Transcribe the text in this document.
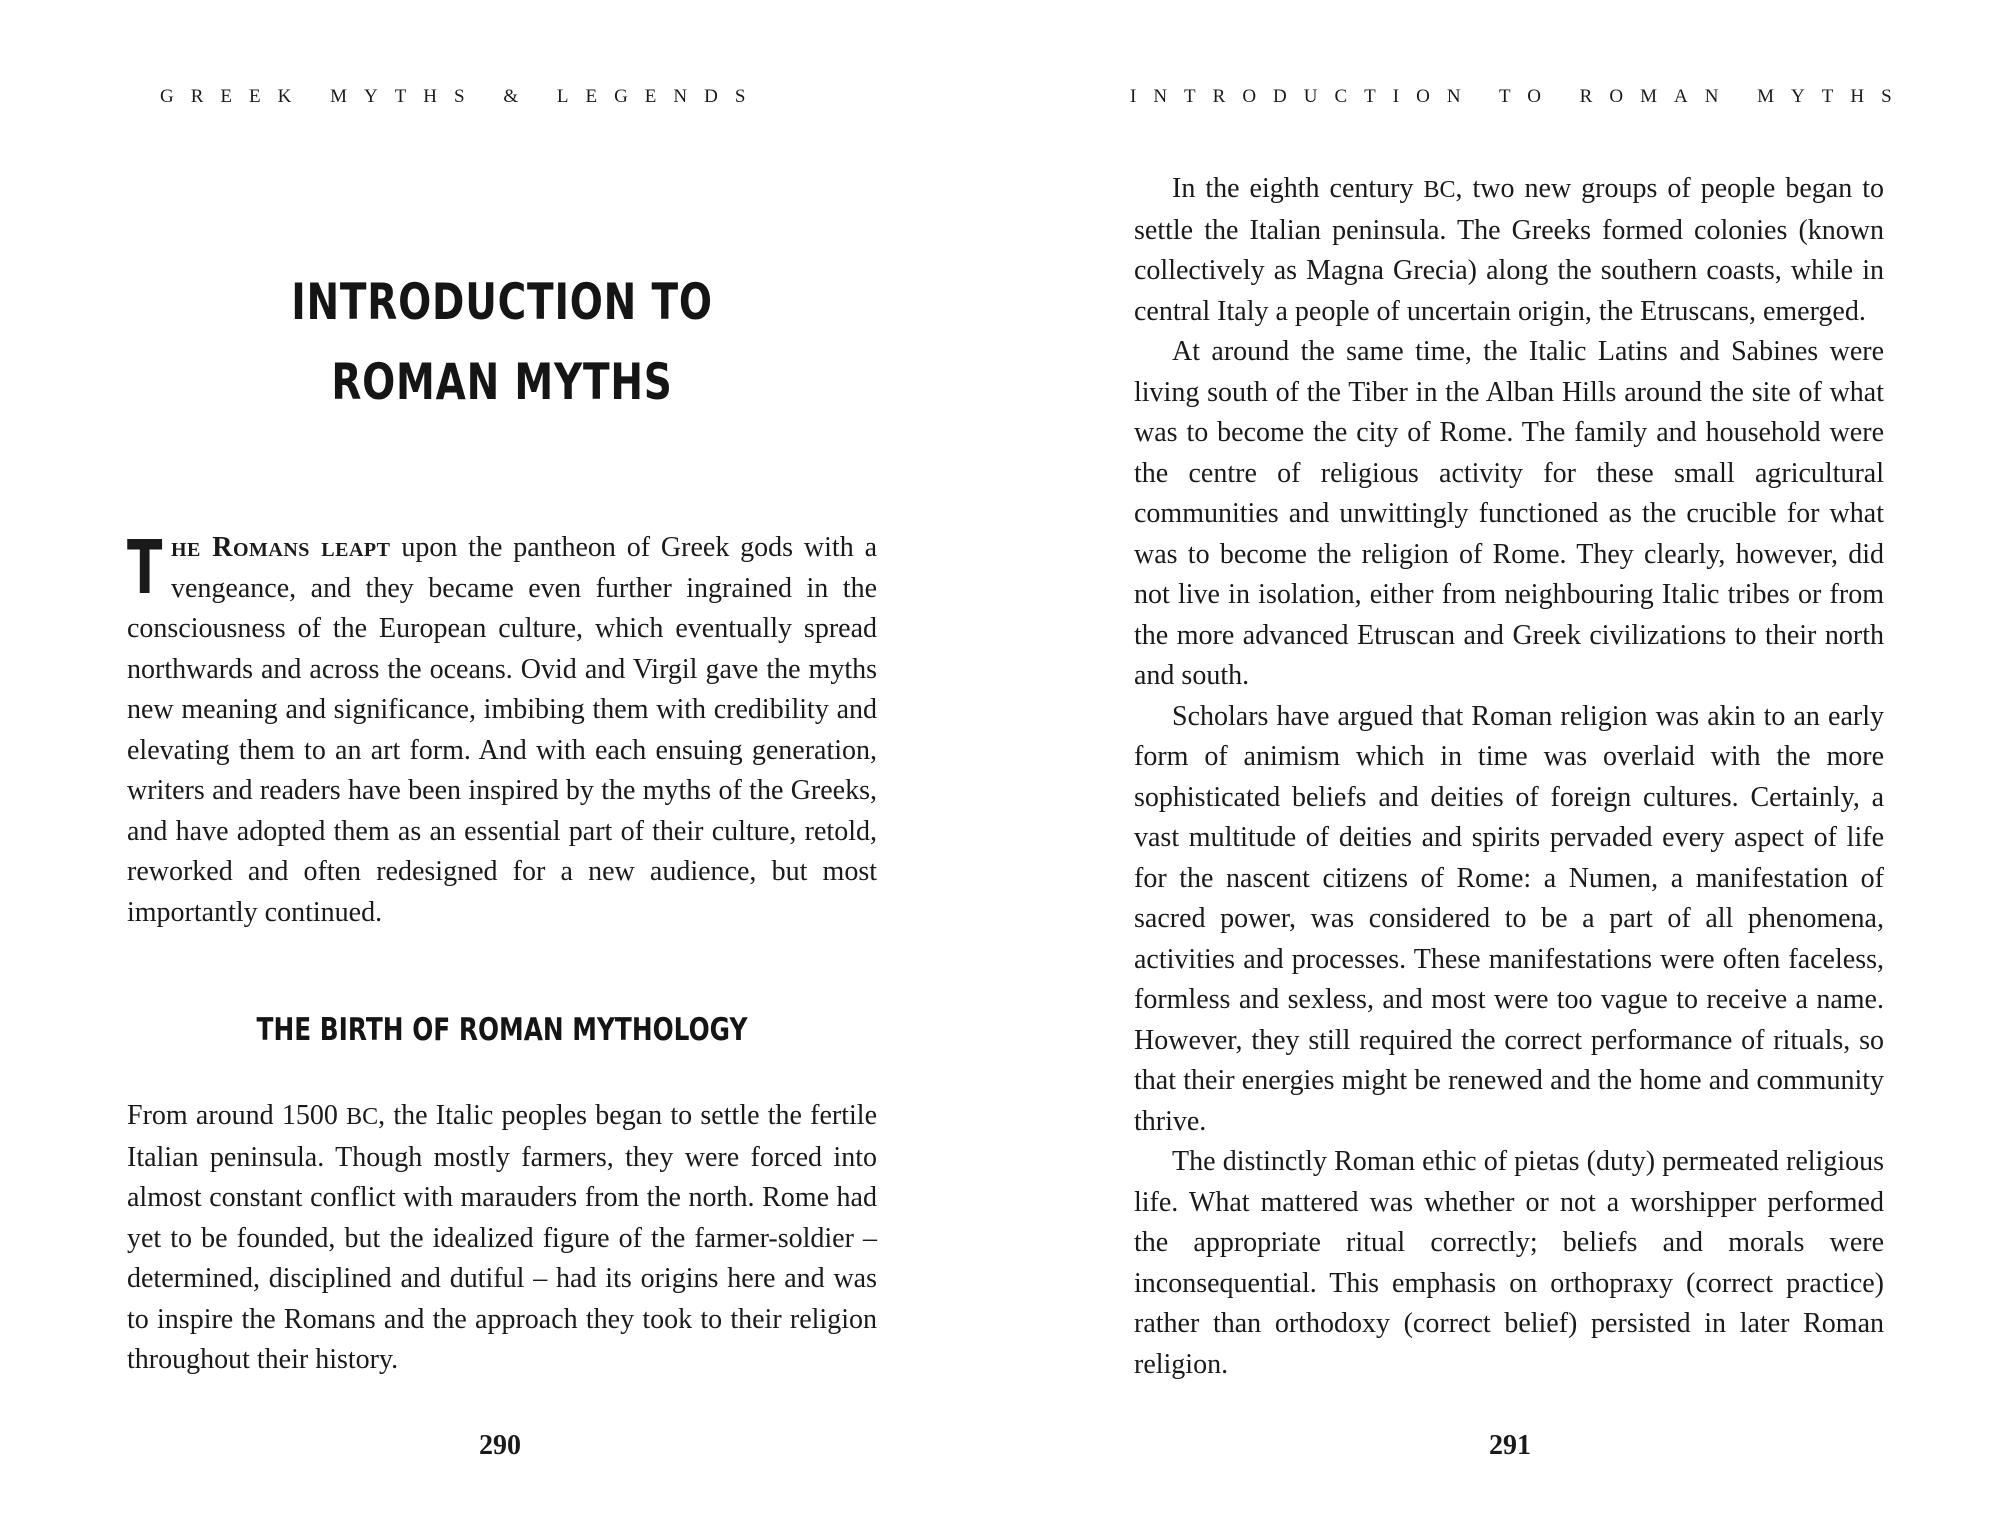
GREEK MYTHS & LEGENDS
INTRODUCTION TO
ROMAN MYTHS

The Romans leapt upon the pantheon of Greek gods with a vengeance, and they became even further ingrained in the consciousness of the European culture, which eventually spread northwards and across the oceans. Ovid and Virgil gave the myths new meaning and significance, imbibing them with credibility and elevating them to an art form. And with each ensuing generation, writers and readers have been inspired by the myths of the Greeks, and have adopted them as an essential part of their culture, retold, reworked and often redesigned for a new audience, but most importantly continued.

THE BIRTH OF ROMAN MYTHOLOGY

From around 1500 BC, the Italic peoples began to settle the fertile Italian peninsula. Though mostly farmers, they were forced into almost constant conflict with marauders from the north. Rome had yet to be founded, but the idealized figure of the farmer-soldier – determined, disciplined and dutiful – had its origins here and was to inspire the Romans and the approach they took to their religion throughout their history.

290
INTRODUCTION TO ROMAN MYTHS

In the eighth century BC, two new groups of people began to settle the Italian peninsula. The Greeks formed colonies (known collectively as Magna Grecia) along the southern coasts, while in central Italy a people of uncertain origin, the Etruscans, emerged.

At around the same time, the Italic Latins and Sabines were living south of the Tiber in the Alban Hills around the site of what was to become the city of Rome. The family and household were the centre of religious activity for these small agricultural communities and unwittingly functioned as the crucible for what was to become the religion of Rome. They clearly, however, did not live in isolation, either from neighbouring Italic tribes or from the more advanced Etruscan and Greek civilizations to their north and south.

Scholars have argued that Roman religion was akin to an early form of animism which in time was overlaid with the more sophisticated beliefs and deities of foreign cultures. Certainly, a vast multitude of deities and spirits pervaded every aspect of life for the nascent citizens of Rome: a Numen, a manifestation of sacred power, was considered to be a part of all phenomena, activities and processes. These manifestations were often faceless, formless and sexless, and most were too vague to receive a name. However, they still required the correct performance of rituals, so that their energies might be renewed and the home and community thrive.

The distinctly Roman ethic of pietas (duty) permeated religious life. What mattered was whether or not a worshipper performed the appropriate ritual correctly; beliefs and morals were inconsequential. This emphasis on orthopraxy (correct practice) rather than orthodoxy (correct belief) persisted in later Roman religion.

291
